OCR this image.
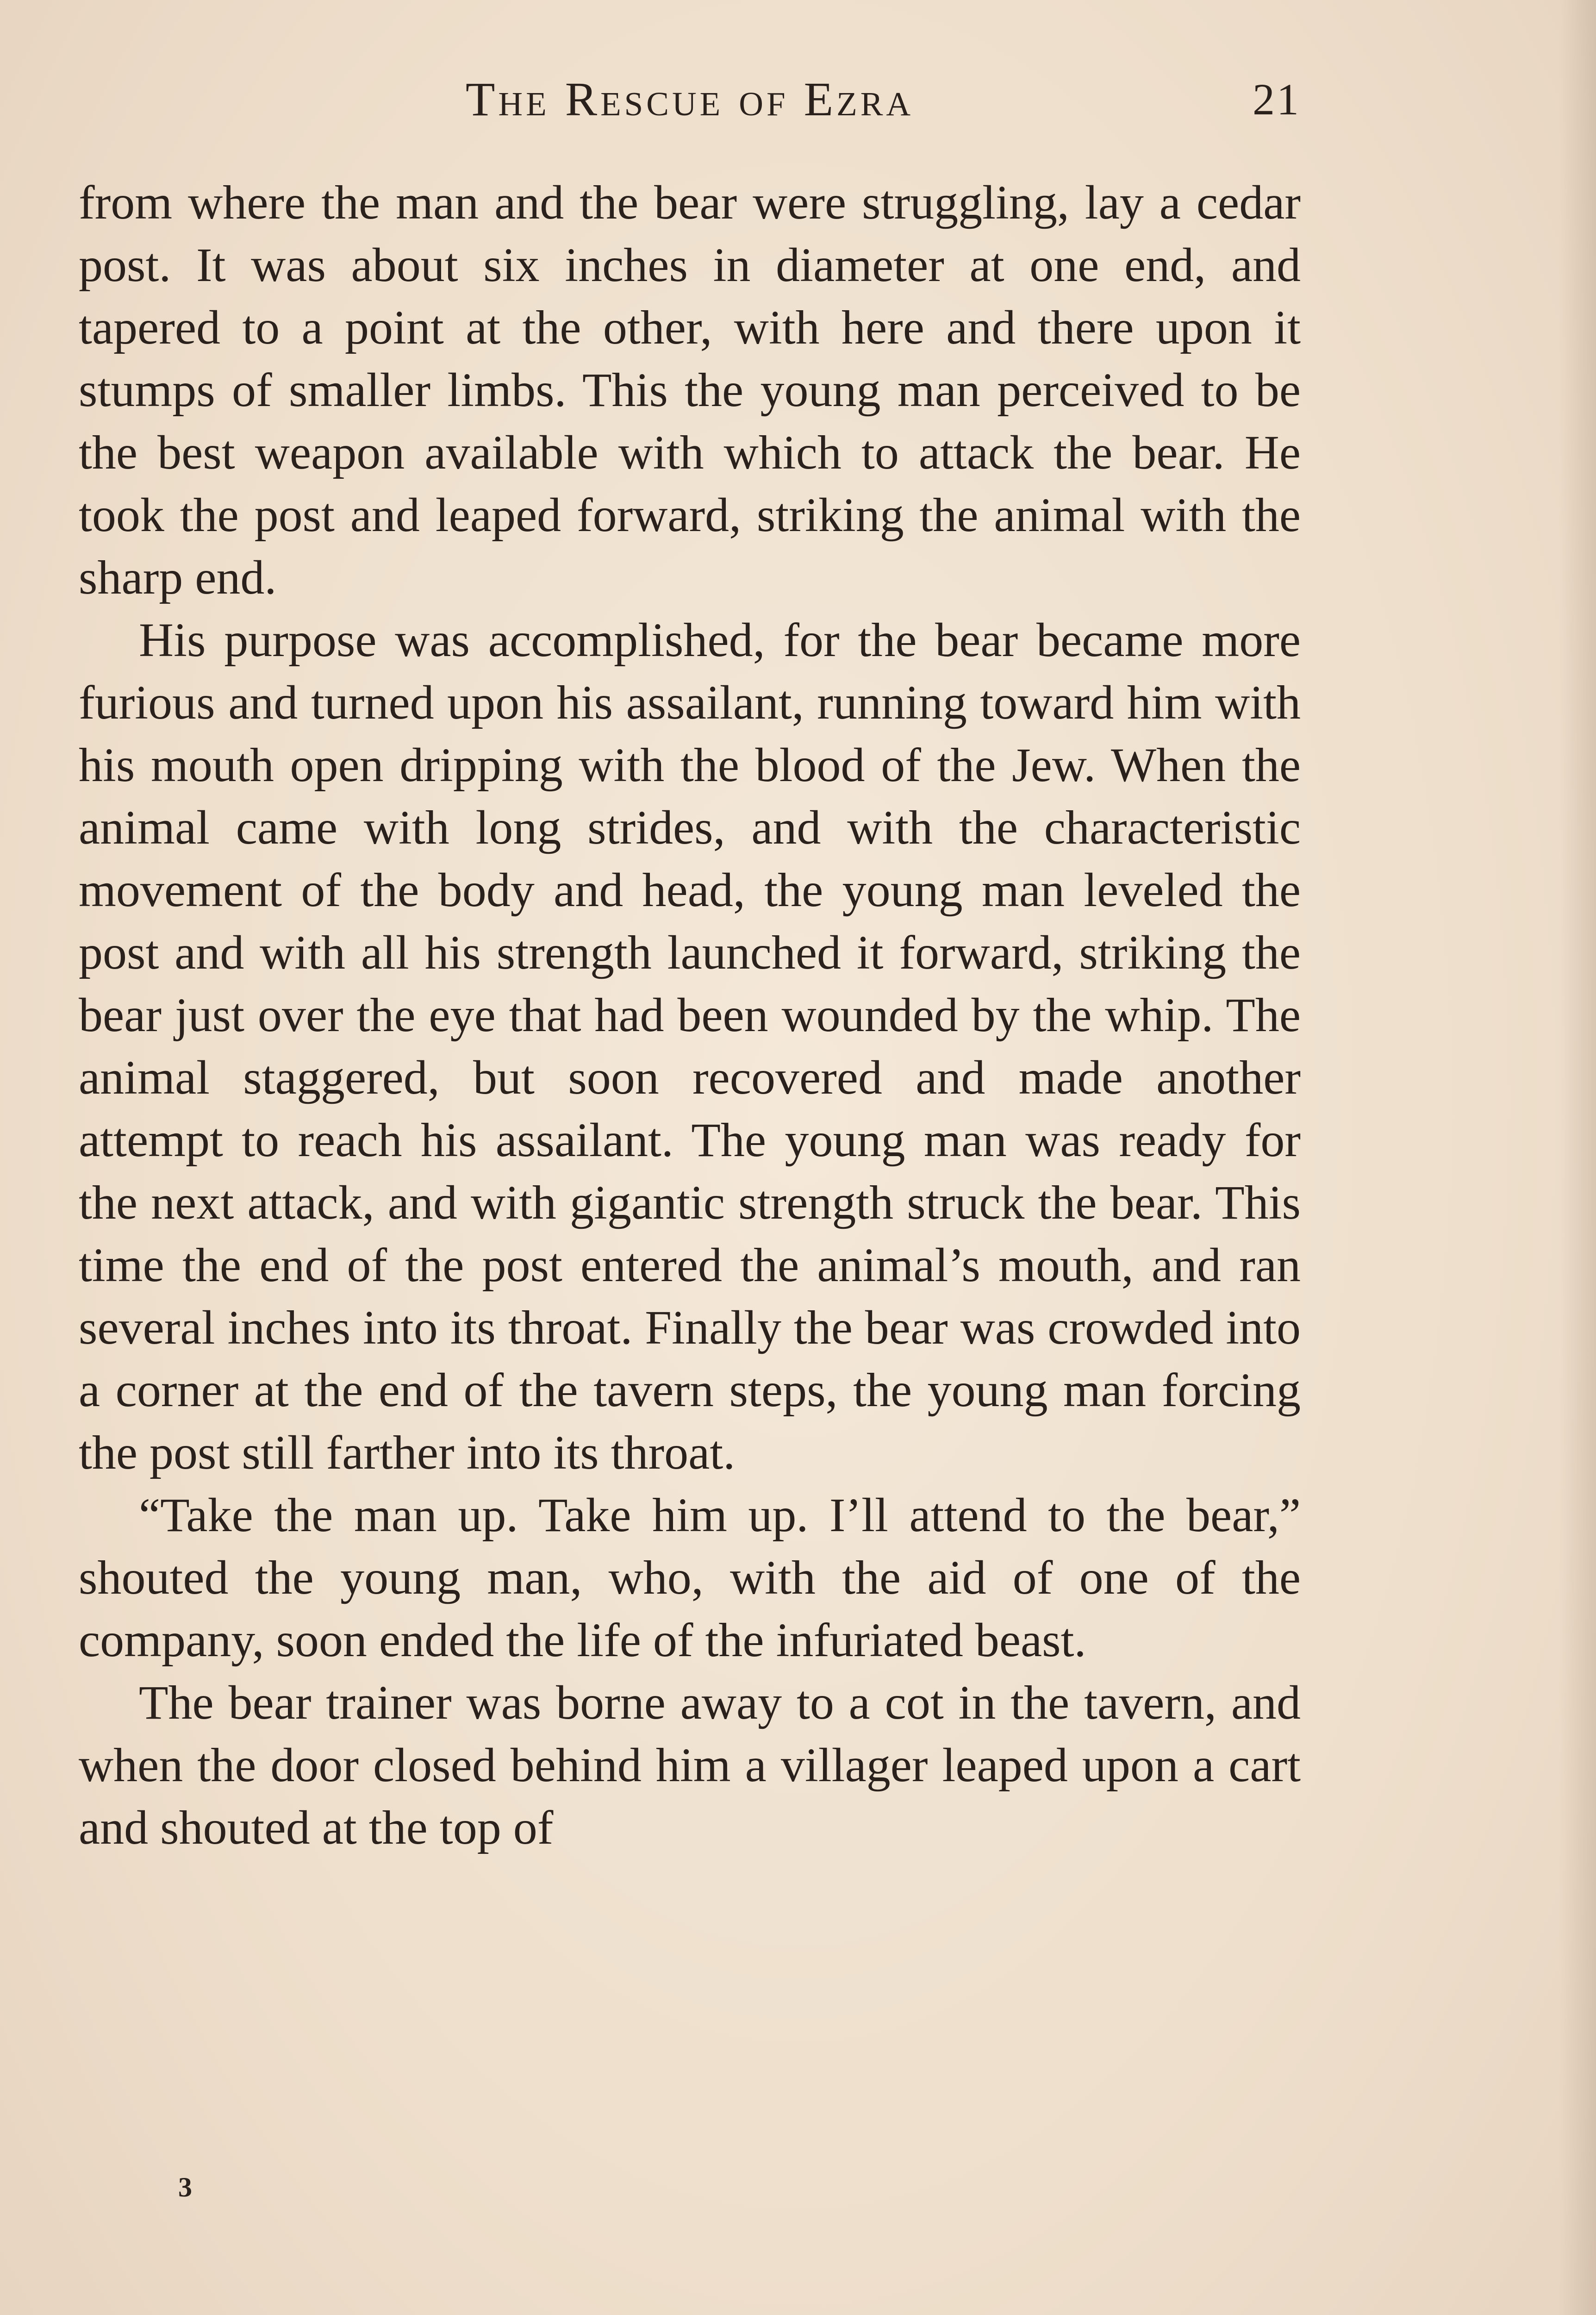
The Rescue of Ezra	21

from where the man and the bear were struggling, lay a cedar post. It was about six inches in diameter at one end, and tapered to a point at the other, with here and there upon it stumps of smaller limbs. This the young man perceived to be the best weapon available with which to attack the bear. He took the post and leaped forward, striking the animal with the sharp end.

His purpose was accomplished, for the bear became more furious and turned upon his assailant, running toward him with his mouth open dripping with the blood of the Jew. When the animal came with long strides, and with the characteristic movement of the body and head, the young man leveled the post and with all his strength launched it forward, striking the bear just over the eye that had been wounded by the whip. The animal staggered, but soon recovered and made another attempt to reach his assailant. The young man was ready for the next attack, and with gigantic strength struck the bear. This time the end of the post entered the animal’s mouth, and ran several inches into its throat. Finally the bear was crowded into a corner at the end of the tavern steps, the young man forcing the post still farther into its throat.

“Take the man up. Take him up. I’ll attend to the bear,” shouted the young man, who, with the aid of one of the company, soon ended the life of the infuriated beast.

The bear trainer was borne away to a cot in the tavern, and when the door closed behind him a villager leaped upon a cart and shouted at the top of

3
